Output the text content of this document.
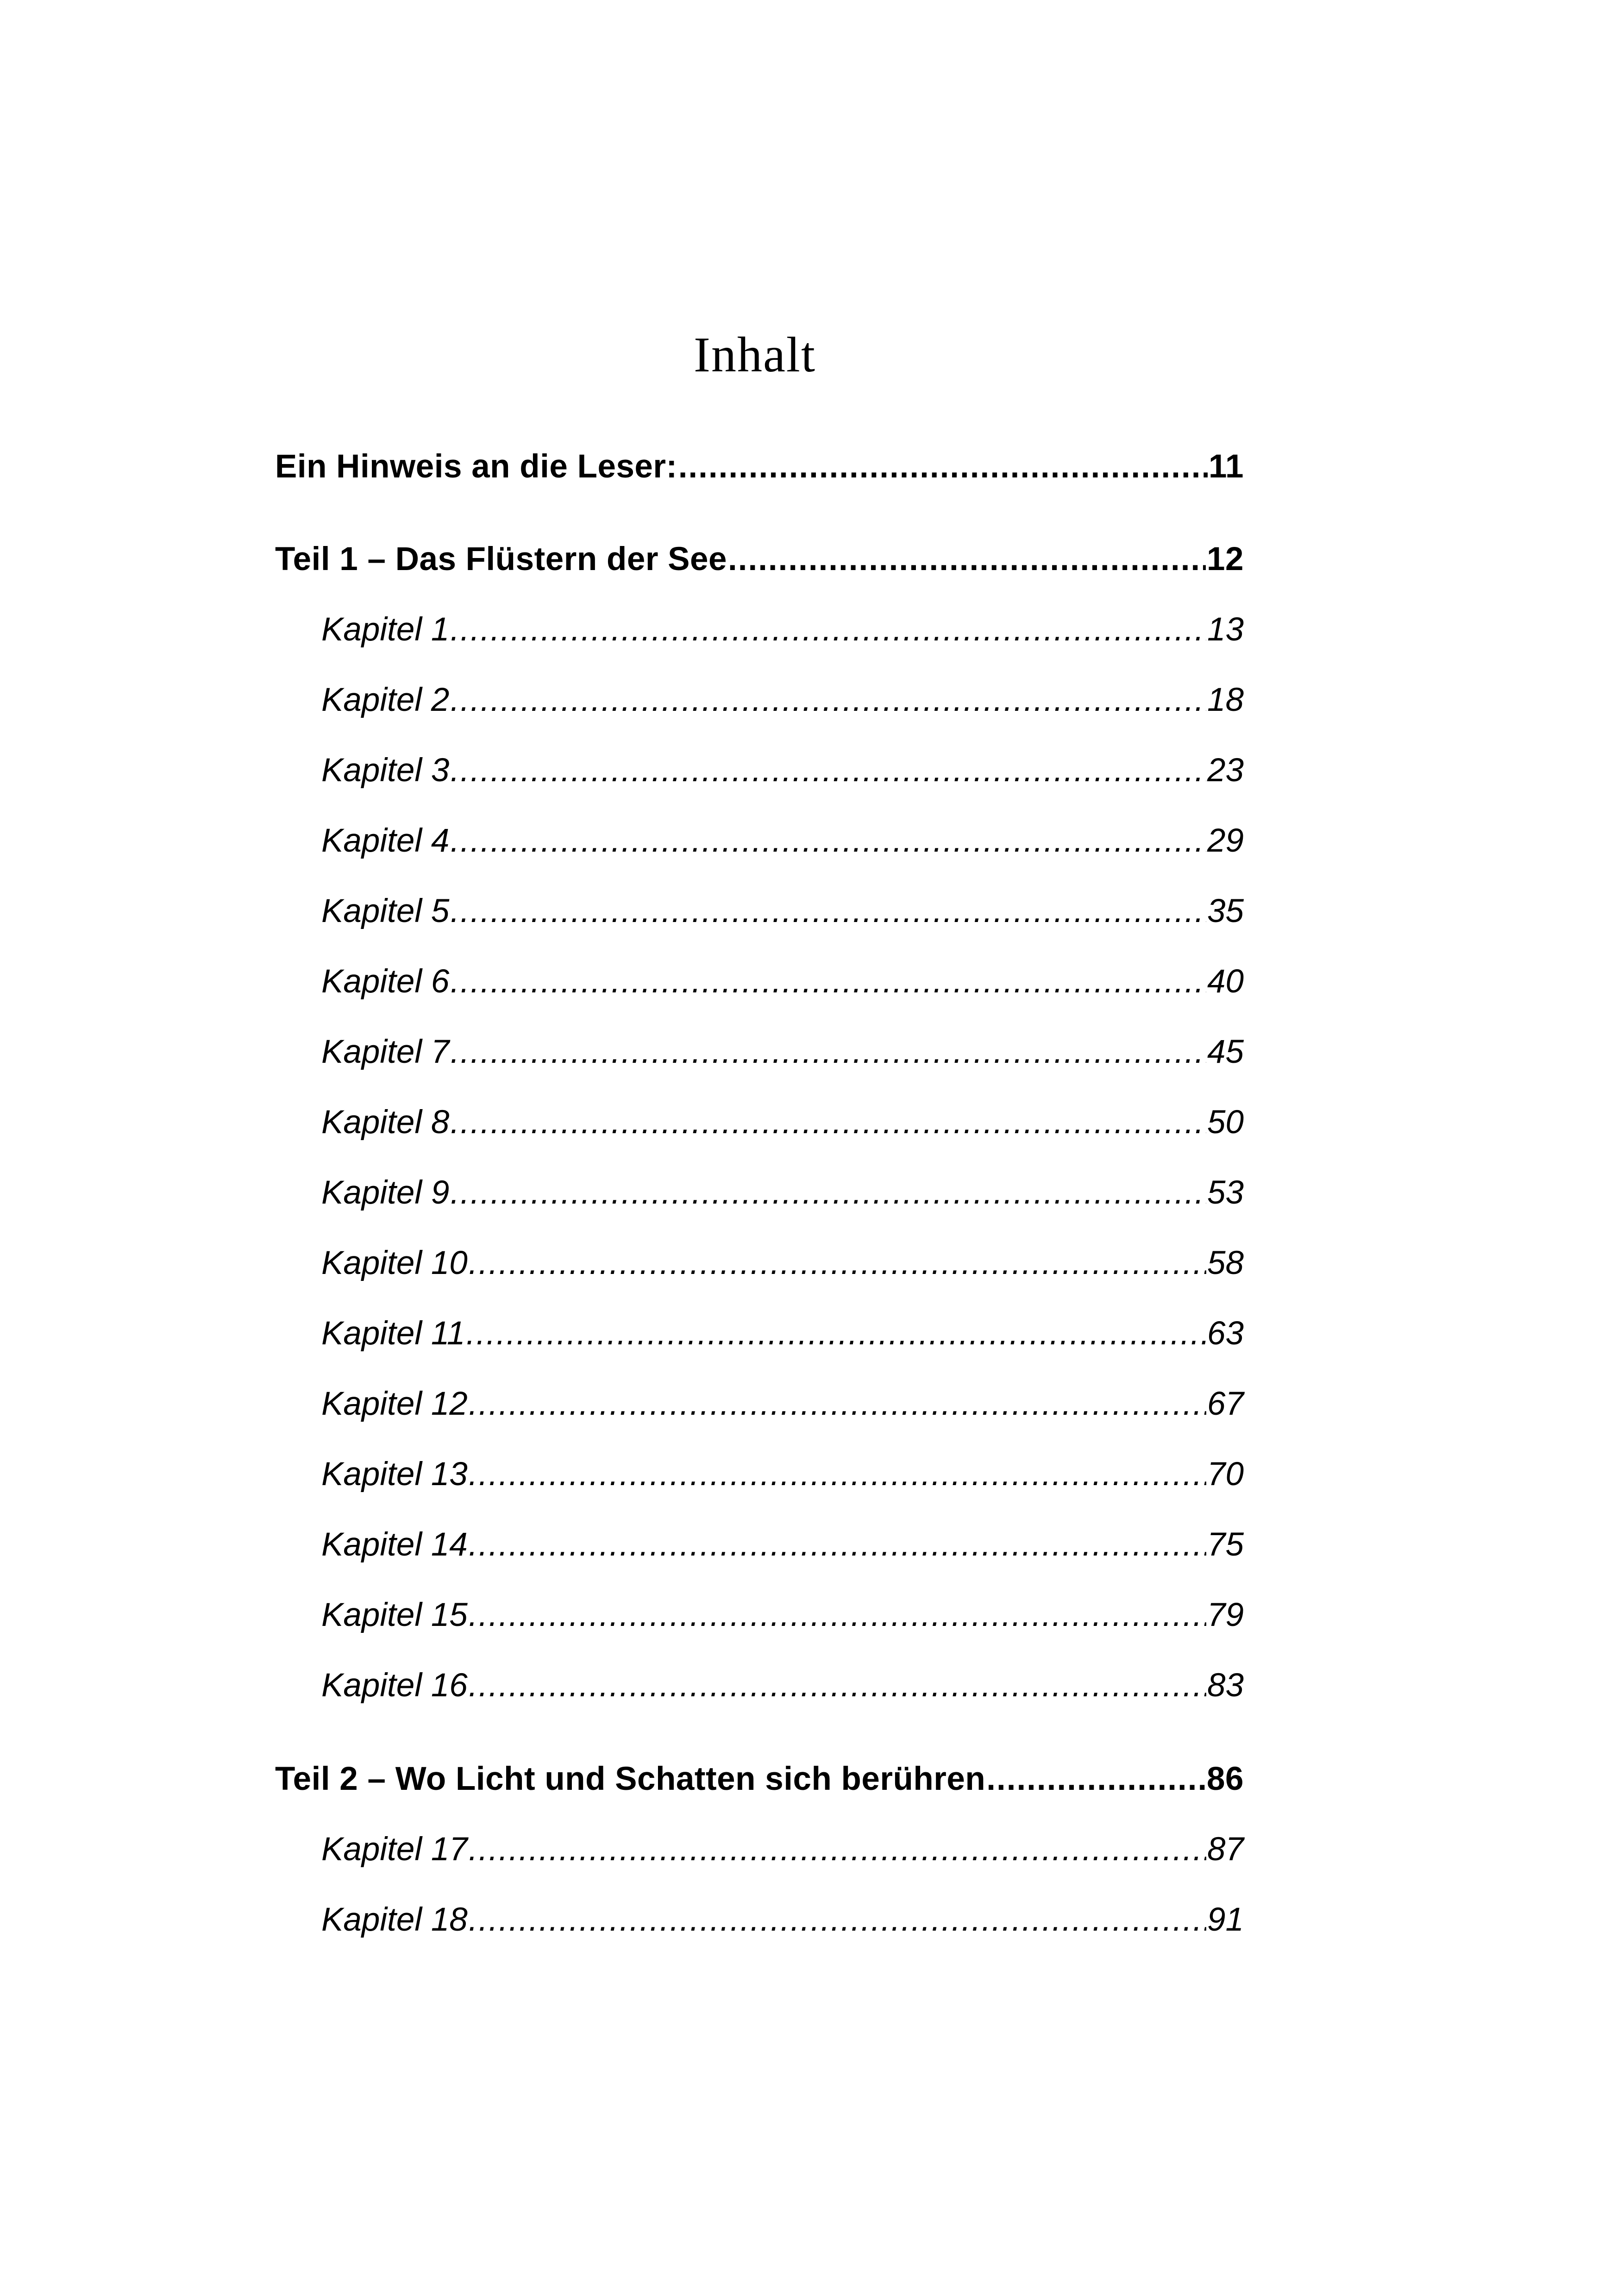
Inhalt
Ein Hinweis an die Leser: .....	11
Teil 1 – Das Flüstern der See .....	12
Kapitel 1 .....	13
Kapitel 2 .....	18
Kapitel 3 .....	23
Kapitel 4 .....	29
Kapitel 5 .....	35
Kapitel 6 .....	40
Kapitel 7 .....	45
Kapitel 8 .....	50
Kapitel 9 .....	53
Kapitel 10 .....	58
Kapitel 11 .....	63
Kapitel 12 .....	67
Kapitel 13 .....	70
Kapitel 14 .....	75
Kapitel 15 .....	79
Kapitel 16 .....	83
Teil 2 – Wo Licht und Schatten sich berühren .....	86
Kapitel 17 .....	87
Kapitel 18 .....	91
